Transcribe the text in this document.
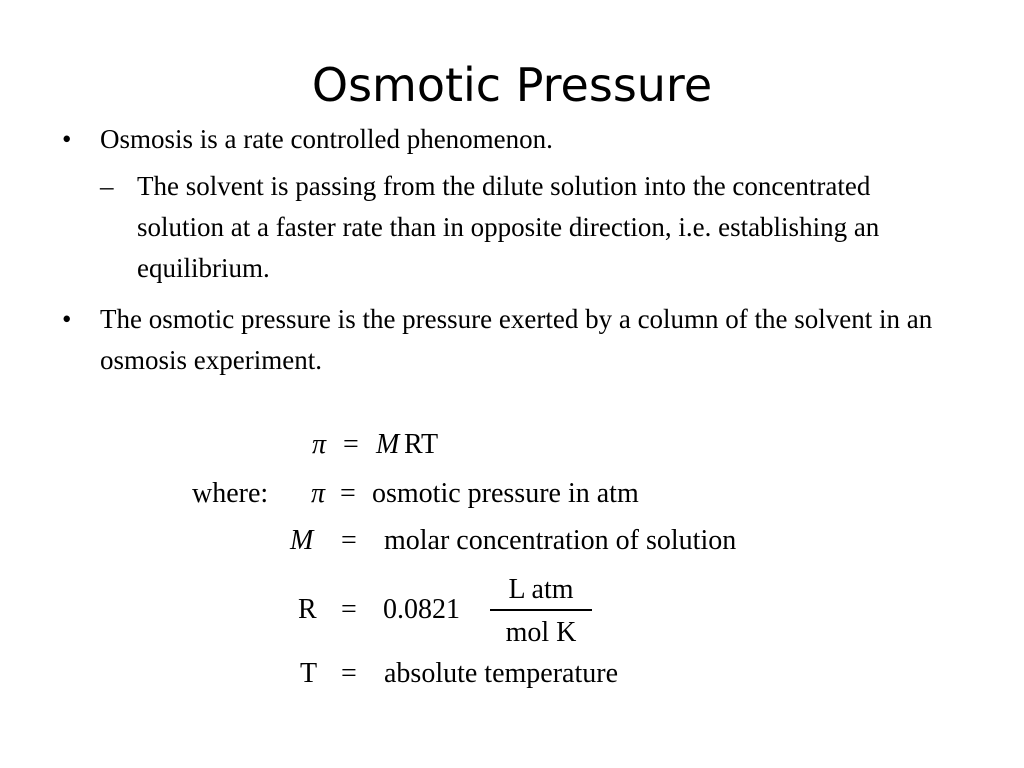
Osmotic Pressure
•	Osmosis is a rate controlled phenomenon.
– The solvent is passing from the dilute solution into the concentrated solution at a faster rate than in opposite direction, i.e. establishing an equilibrium.
•	The osmotic pressure is the pressure exerted by a column of the solvent in an osmosis experiment.
π = M RT
where: π = osmotic pressure in atm
M = molar concentration of solution
R = 0.0821
L atm
mol K
T = absolute temperature
